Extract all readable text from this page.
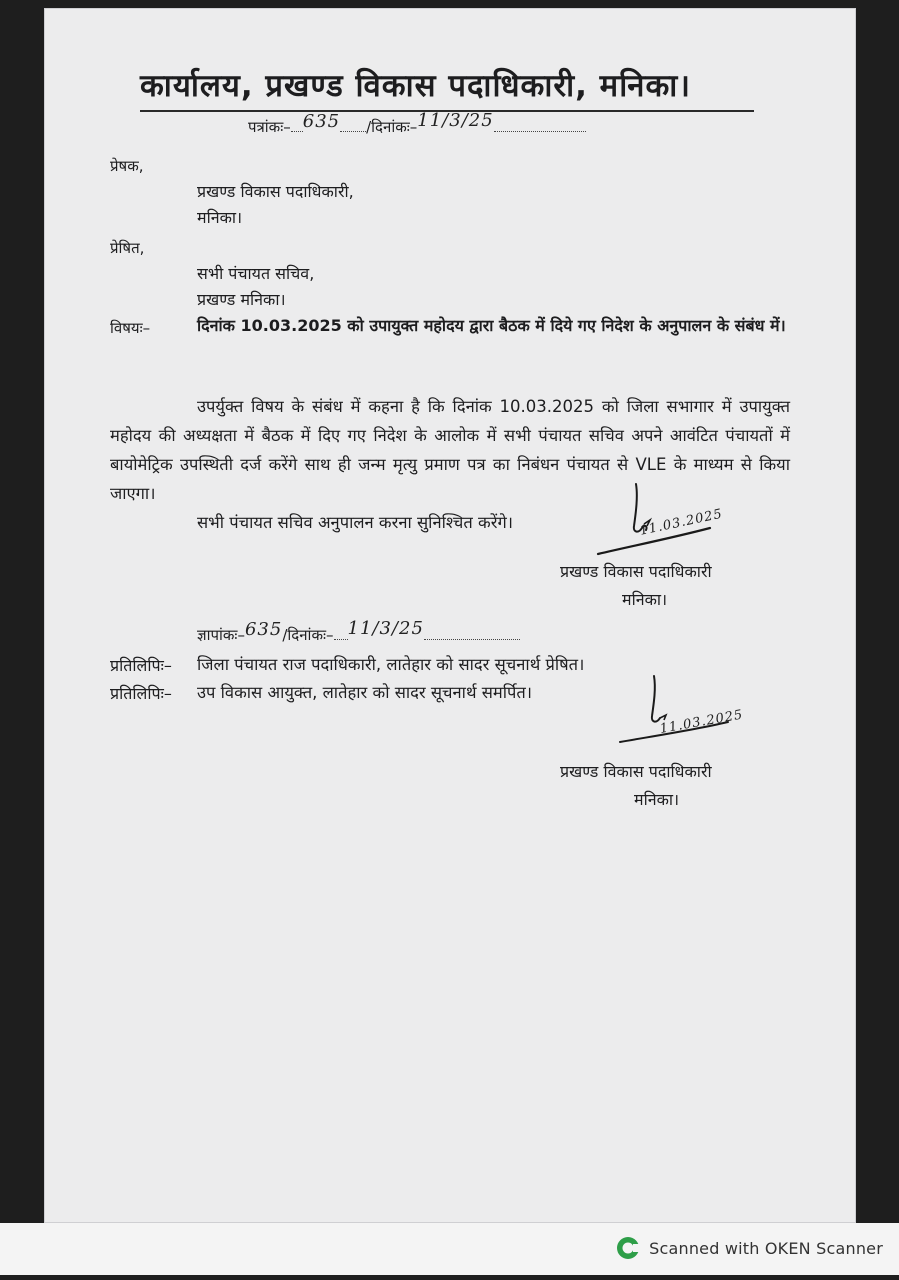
कार्यालय, प्रखण्ड विकास पदाधिकारी, मनिका।
पत्रांकः– 635 /दिनांकः–11/3/25
प्रेषक,
प्रखण्ड विकास पदाधिकारी,
मनिका।
प्रेषित,
सभी पंचायत सचिव,
प्रखण्ड मनिका।
विषयः–	दिनांक 10.03.2025 को उपायुक्त महोदय द्वारा बैठक में दिये गए निदेश के अनुपालन के संबंध में।
उपर्युक्त विषय के संबंध में कहना है कि दिनांक 10.03.2025 को जिला सभागार में उपायुक्त महोदय की अध्यक्षता में बैठक में दिए गए निदेश के आलोक में सभी पंचायत सचिव अपने आवंटित पंचायतों में बायोमेट्रिक उपस्थिती दर्ज करेंगे साथ ही जन्म मृत्यु प्रमाण पत्र का निबंधन पंचायत से VLE के माध्यम से किया जाएगा।
सभी पंचायत सचिव अनुपालन करना सुनिश्चित करेंगे।	11.03.2025
प्रखण्ड विकास पदाधिकारी
मनिका।
ज्ञापांकः–635/दिनांकः– 11/3/25
प्रतिलिपिः– जिला पंचायत राज पदाधिकारी, लातेहार को सादर सूचनार्थ प्रेषित।
प्रतिलिपिः– उप विकास आयुक्त, लातेहार को सादर सूचनार्थ समर्पित।
11.03.2025
प्रखण्ड विकास पदाधिकारी
मनिका।
Scanned with OKEN Scanner
